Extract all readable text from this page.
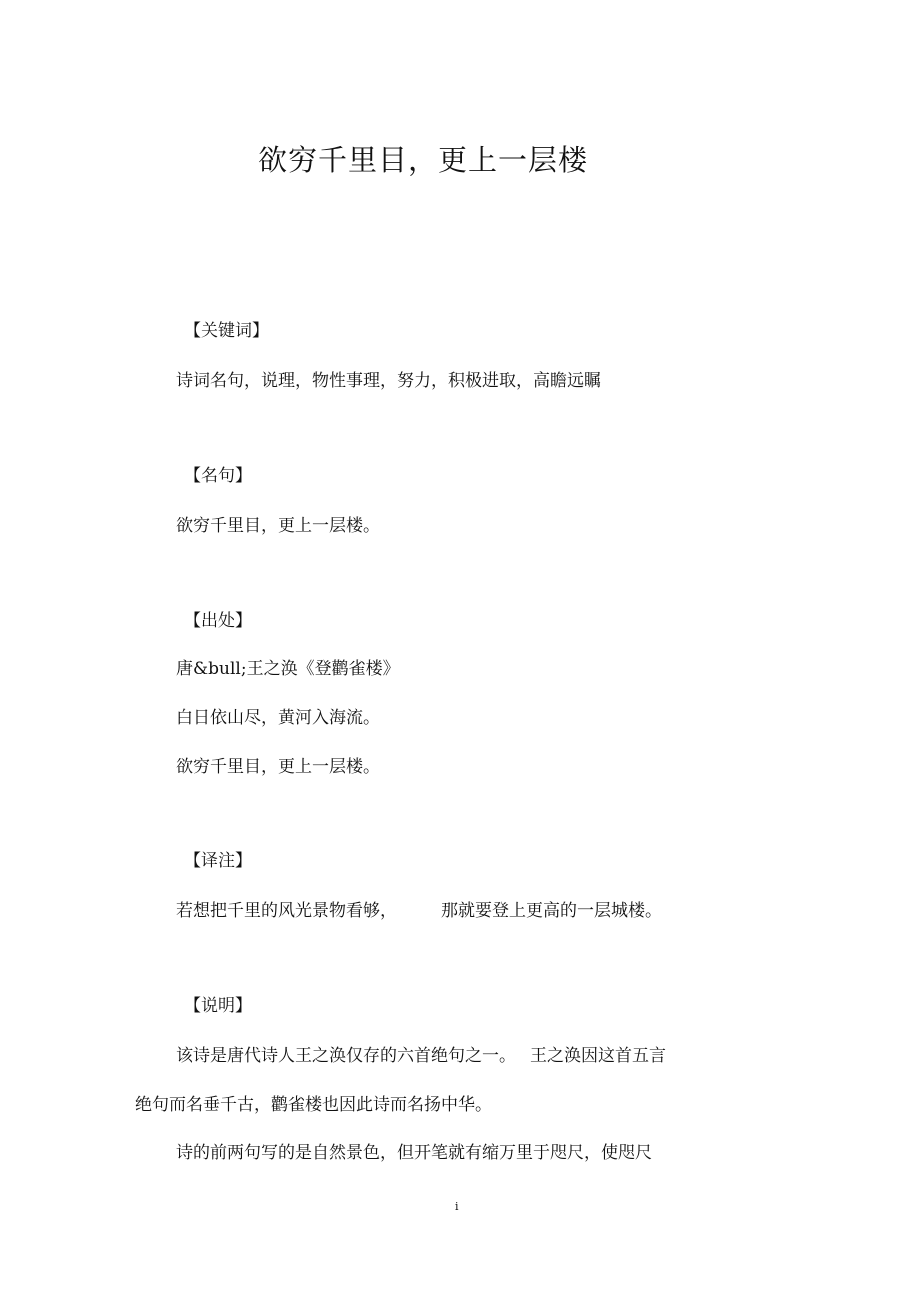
欲穷千里目，更上一层楼
【关键词】
诗词名句，说理，物性事理，努力，积极进取，高瞻远瞩
【名句】
欲穷千里目，更上一层楼。
【出处】
唐&bull;王之涣《登鹳雀楼》
白日依山尽，黄河入海流。
欲穷千里目，更上一层楼。
【译注】
若想把千里的风光景物看够，	那就要登上更高的一层城楼。
【说明】
该诗是唐代诗人王之涣仅存的六首绝句之一。 王之涣因这首五言
绝句而名垂千古，鹳雀楼也因此诗而名扬中华。
诗的前两句写的是自然景色，但开笔就有缩万里于咫尺，使咫尺
i
